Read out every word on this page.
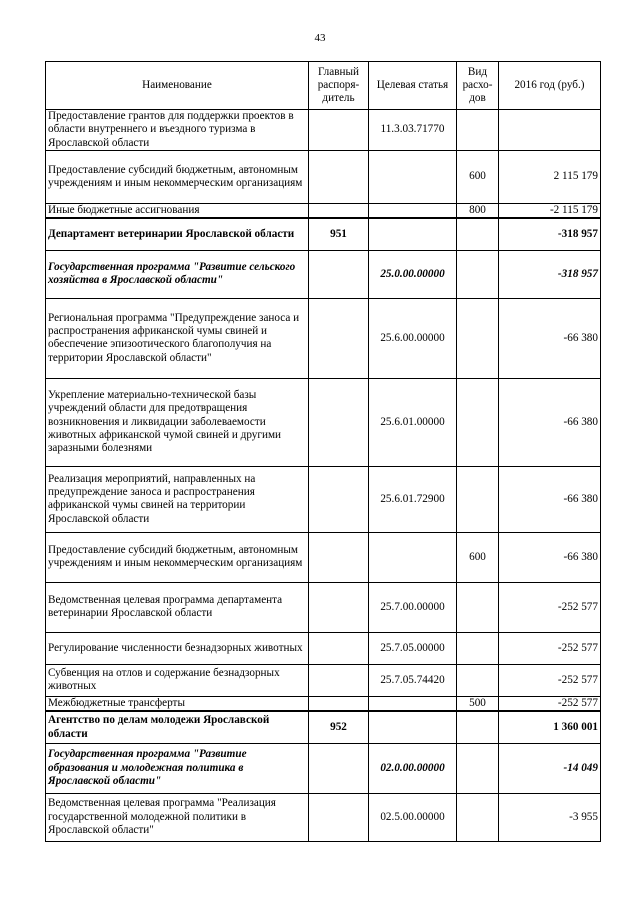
43
Наименование	Главный распоря-дитель	Целевая статья	Вид расхо-дов	2016 год (руб.)
Предоставление грантов для поддержки проектов в области внутреннего и въездного туризма в Ярославской области		11.3.03.71770		
Предоставление субсидий бюджетным, автономным учреждениям и иным некоммерческим организациям			600	2 115 179
Иные бюджетные ассигнования			800	-2 115 179
Департамент ветеринарии Ярославской области	951			-318 957
Государственная программа "Развитие сельского хозяйства в Ярославской области"		25.0.00.00000		-318 957
Региональная программа "Предупреждение заноса и распространения африканской чумы свиней и обеспечение эпизоотического благополучия на территории Ярославской области"		25.6.00.00000		-66 380
Укрепление материально-технической базы учреждений области для предотвращения возникновения и ликвидации заболеваемости животных африканской чумой свиней и другими заразными болезнями		25.6.01.00000		-66 380
Реализация мероприятий, направленных на предупреждение заноса и распространения африканской чумы свиней на территории Ярославской области		25.6.01.72900		-66 380
Предоставление субсидий бюджетным, автономным учреждениям и иным некоммерческим организациям			600	-66 380
Ведомственная целевая программа департамента ветеринарии Ярославской области		25.7.00.00000		-252 577
Регулирование численности безнадзорных животных		25.7.05.00000		-252 577
Субвенция на отлов и содержание безнадзорных животных		25.7.05.74420		-252 577
Межбюджетные трансферты			500	-252 577
Агентство по делам молодежи Ярославской области	952			1 360 001
Государственная программа "Развитие образования и молодежная политика в Ярославской области"		02.0.00.00000		-14 049
Ведомственная целевая программа "Реализация государственной молодежной политики в Ярославской области"		02.5.00.00000		-3 955
